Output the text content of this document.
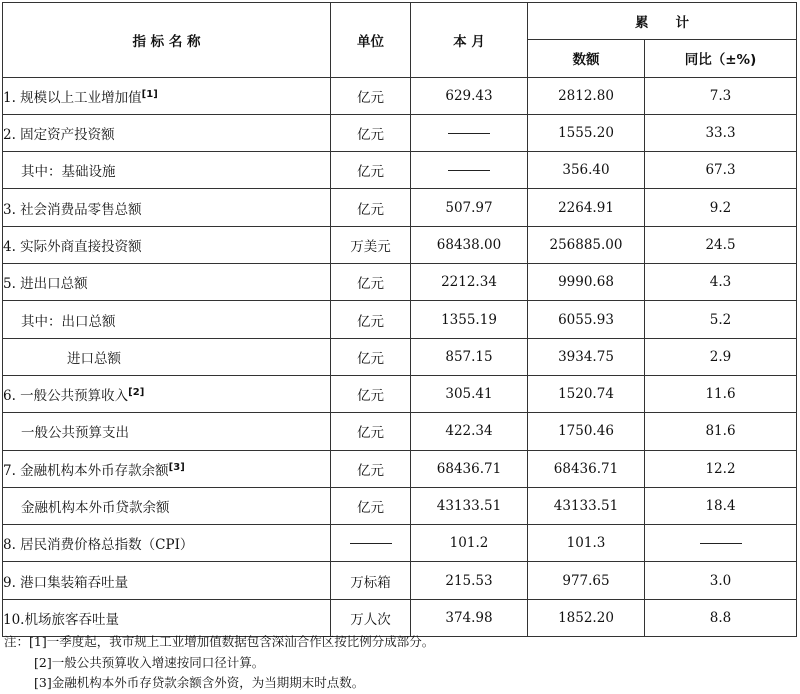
指 标 名 称	单位	本 月	累　　计	
			数额	同比（±%)
1. 规模以上工业增加值[1]	亿元	629.43	2812.80	7.3
2. 固定资产投资额	亿元		1555.20	33.3
其中：基础设施	亿元		356.40	67.3
3. 社会消费品零售总额	亿元	507.97	2264.91	9.2
4. 实际外商直接投资额	万美元	68438.00	256885.00	24.5
5. 进出口总额	亿元	2212.34	9990.68	4.3
其中：出口总额	亿元	1355.19	6055.93	5.2
进口总额	亿元	857.15	3934.75	2.9
6. 一般公共预算收入[2]	亿元	305.41	1520.74	11.6
一般公共预算支出	亿元	422.34	1750.46	81.6
7. 金融机构本外币存款余额[3]	亿元	68436.71	68436.71	12.2
金融机构本外币贷款余额	亿元	43133.51	43133.51	18.4
8. 居民消费价格总指数（CPI）		101.2	101.3	
9. 港口集装箱吞吐量	万标箱	215.53	977.65	3.0
10.机场旅客吞吐量	万人次	374.98	1852.20	8.8
注：[1]一季度起，我市规上工业增加值数据包含深汕合作区按比例分成部分。
[2]一般公共预算收入增速按同口径计算。
[3]金融机构本外币存贷款余额含外资，为当期期末时点数。
